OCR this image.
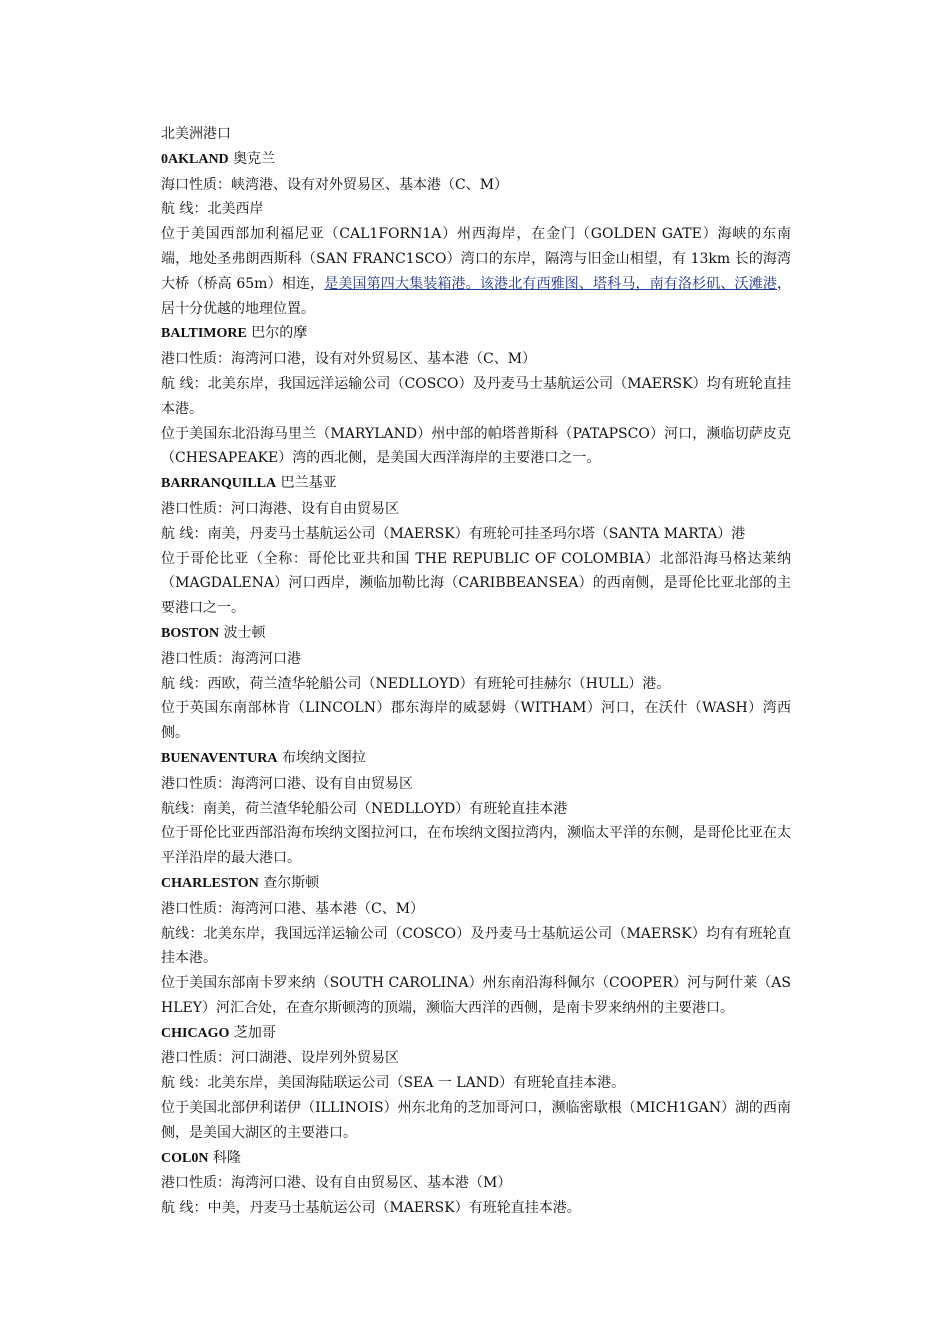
北美洲港口

0AKLAND 奥克兰

海口性质：峡湾港、设有对外贸易区、基本港（C、M）

航 线：北美西岸

位于美国西部加利福尼亚（CAL1FORN1A）州西海岸，在金门（GOLDEN GATE）海峡的东南端，地处圣弗朗西斯科（SAN FRANC1SCO）湾口的东岸，隔湾与旧金山相望，有 13km 长的海湾大桥（桥高 65m）相连，是美国第四大集装箱港。该港北有西雅图、塔科马，南有洛杉矶、沃滩港，居十分优越的地理位置。

BALTIMORE 巴尔的摩

港口性质：海湾河口港，设有对外贸易区、基本港（C、M）

航 线：北美东岸，我国远洋运输公司（COSCO）及丹麦马士基航运公司（MAERSK）均有班轮直挂本港。

位于美国东北沿海马里兰（MARYLAND）州中部的帕塔普斯科（PATAPSCO）河口，濒临切萨皮克（CHESAPEAKE）湾的西北侧，是美国大西洋海岸的主要港口之一。

BARRANQUILLA 巴兰基亚

港口性质：河口海港、设有自由贸易区

航 线：南美，丹麦马士基航运公司（MAERSK）有班轮可挂圣玛尔塔（SANTA MARTA）港

位于哥伦比亚（全称：哥伦比亚共和国 THE REPUBLIC OF COLOMBIA）北部沿海马格达莱纳（MAGDALENA）河口西岸，濒临加勒比海（CARIBBEANSEA）的西南侧，是哥伦比亚北部的主要港口之一。

BOSTON 波士顿

港口性质：海湾河口港

航 线：西欧，荷兰渣华轮船公司（NEDLLOYD）有班轮可挂赫尔（HULL）港。

位于英国东南部林肯（LINCOLN）郡东海岸的威瑟姆（WITHAM）河口，在沃什（WASH）湾西侧。

BUENAVENTURA 布埃纳文图拉

港口性质：海湾河口港、设有自由贸易区

航线：南美，荷兰渣华轮船公司（NEDLLOYD）有班轮直挂本港

位于哥伦比亚西部沿海布埃纳文图拉河口，在布埃纳文图拉湾内，濒临太平洋的东侧，是哥伦比亚在太平洋沿岸的最大港口。

CHARLESTON 查尔斯顿

港口性质：海湾河口港、基本港（C、M）

航线：北美东岸，我国远洋运输公司（COSCO）及丹麦马士基航运公司（MAERSK）均有有班轮直挂本港。

位于美国东部南卡罗来纳（SOUTH CAROLINA）州东南沿海科佩尔（COOPER）河与阿什莱（ASHLEY）河汇合处，在查尔斯顿湾的顶端，濒临大西洋的西侧，是南卡罗来纳州的主要港口。

CHICAGO 芝加哥

港口性质：河口湖港、设岸列外贸易区

航 线：北美东岸，美国海陆联运公司（SEA 一 LAND）有班轮直挂本港。

位于美国北部伊利诺伊（ILLINOIS）州东北角的芝加哥河口，濒临密歇根（MICH1GAN）湖的西南侧，是美国大湖区的主要港口。

COL0N 科隆

港口性质：海湾河口港、设有自由贸易区、基本港（M）

航 线：中美，丹麦马士基航运公司（MAERSK）有班轮直挂本港。
